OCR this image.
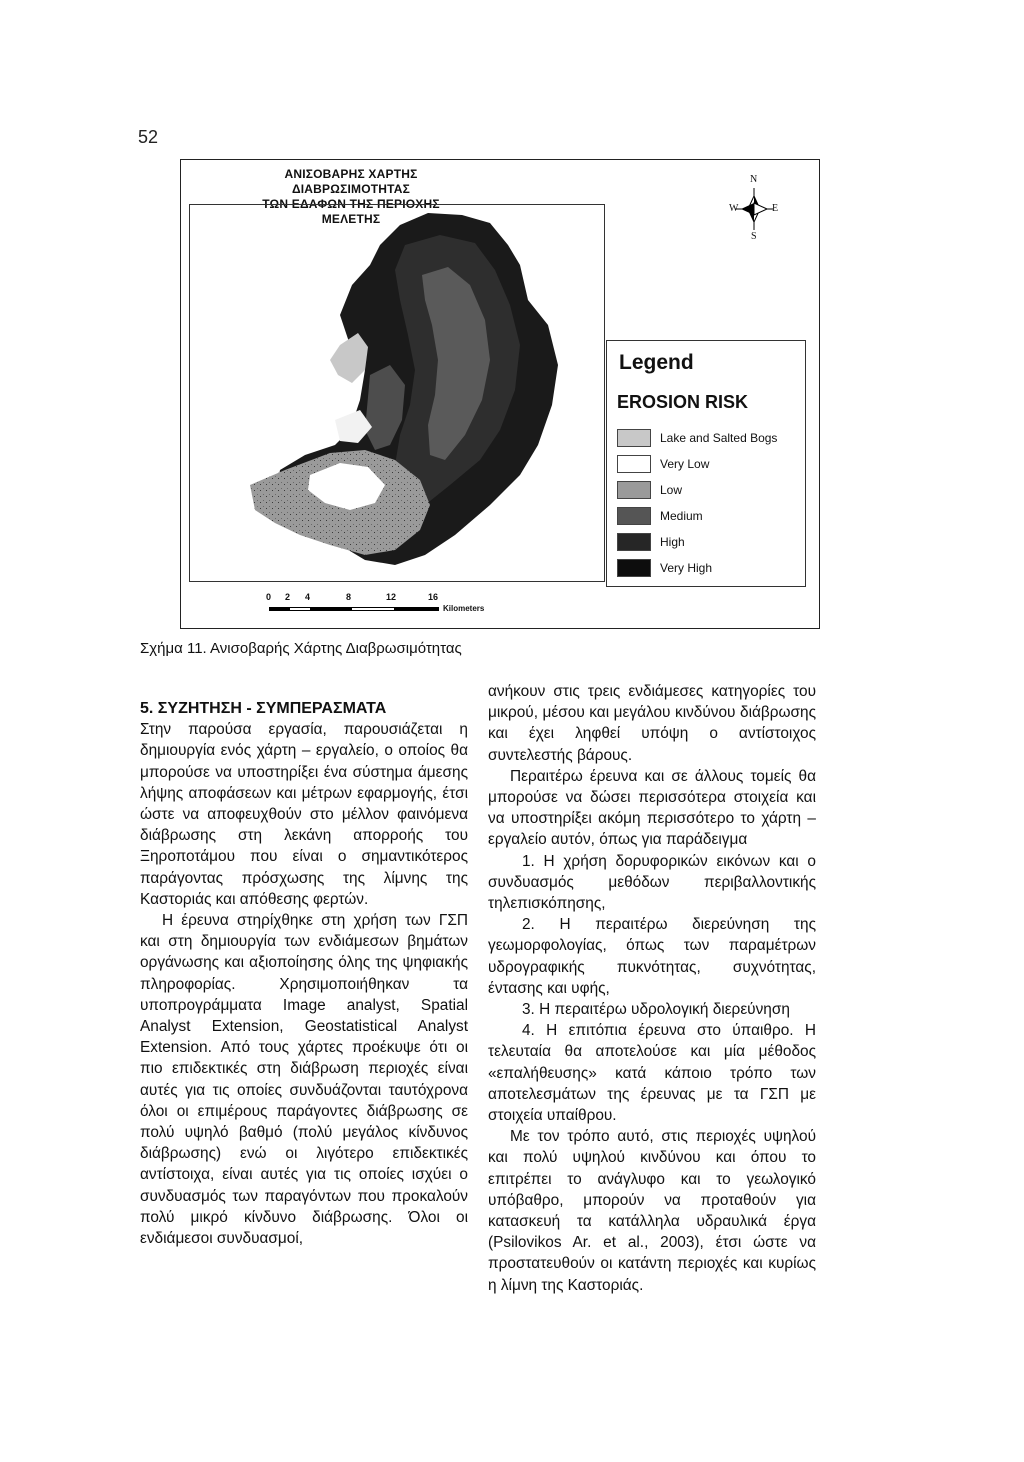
52
ΑΝΙΣΟΒΑΡΗΣ ΧΑΡΤΗΣ ΔΙΑΒΡΩΣΙΜΟΤΗΤΑΣ
ΤΩΝ ΕΔΑΦΩΝ ΤΗΣ ΠΕΡΙΟΧΗΣ ΜΕΛΕΤΗΣ
N
S
W	E
Legend
EROSION RISK
Lake and Salted Bogs
Very Low
Low
Medium
High
Very High
0 2 4	8	12	16
Kilometers
Σχήμα 11. Ανισοβαρής Χάρτης Διαβρωσιμότητας

5. ΣΥΖΗΤΗΣΗ - ΣΥΜΠΕΡΑΣΜΑΤΑ

Στην παρούσα εργασία, παρουσιάζεται η δημιουργία ενός χάρτη – εργαλείο, ο οποίος θα μπορούσε να υποστηρίξει ένα σύστημα άμεσης λήψης αποφάσεων και μέτρων εφαρμογής, έτσι ώστε να αποφευχθούν στο μέλλον φαινόμενα διάβρωσης στη λεκάνη απορροής του Ξηροποτάμου που είναι ο σημαντικότερος παράγοντας πρόσχωσης της λίμνης της Καστοριάς και απόθεσης φερτών.

Η έρευνα στηρίχθηκε στη χρήση των ΓΣΠ και στη δημιουργία των ενδιάμεσων βημάτων οργάνωσης και αξιοποίησης όλης της ψηφιακής πληροφορίας. Χρησιμοποιήθηκαν τα υποπρογράμματα Image analyst, Spatial Analyst Extension, Geostatistical Analyst Extension. Από τους χάρτες προέκυψε ότι οι πιο επιδεκτικές στη διάβρωση περιοχές είναι αυτές για τις οποίες συνδυάζονται ταυτόχρονα όλοι οι επιμέρους παράγοντες διάβρωσης σε πολύ υψηλό βαθμό (πολύ μεγάλος κίνδυνος διάβρωσης) ενώ οι λιγότερο επιδεκτικές αντίστοιχα, είναι αυτές για τις οποίες ισχύει ο συνδυασμός των παραγόντων που προκαλούν πολύ μικρό κίνδυνο διάβρωσης. Όλοι οι ενδιάμεσοι συνδυασμοί,

ανήκουν στις τρεις ενδιάμεσες κατηγορίες του μικρού, μέσου και μεγάλου κινδύνου διάβρωσης και έχει ληφθεί υπόψη ο αντίστοιχος συντελεστής βάρους.

Περαιτέρω έρευνα και σε άλλους τομείς θα μπορούσε να δώσει περισσότερα στοιχεία και να υποστηρίξει ακόμη περισσότερο το χάρτη – εργαλείο αυτόν, όπως για παράδειγμα

1. Η χρήση δορυφορικών εικόνων και ο συνδυασμός μεθόδων περιβαλλοντικής τηλεπισκόπησης,

2. Η περαιτέρω διερεύνηση της γεωμορφολογίας, όπως των παραμέτρων υδρογραφικής πυκνότητας, συχνότητας, έντασης και υφής,

3. Η περαιτέρω υδρολογική διερεύνηση

4. Η επιτόπια έρευνα στο ύπαιθρο. Η τελευταία θα αποτελούσε και μία μέθοδος «επαλήθευσης» κατά κάποιο τρόπο των αποτελεσμάτων της έρευνας με τα ΓΣΠ με στοιχεία υπαίθρου.

Με τον τρόπο αυτό, στις περιοχές υψηλού και πολύ υψηλού κινδύνου και όπου το επιτρέπει το ανάγλυφο και το γεωλογικό υπόβαθρο, μπορούν να προταθούν για κατασκευή τα κατάλληλα υδραυλικά έργα (Psilovikos Ar. et al., 2003), έτσι ώστε να προστατευθούν οι κατάντη περιοχές και κυρίως η λίμνη της Καστοριάς.
